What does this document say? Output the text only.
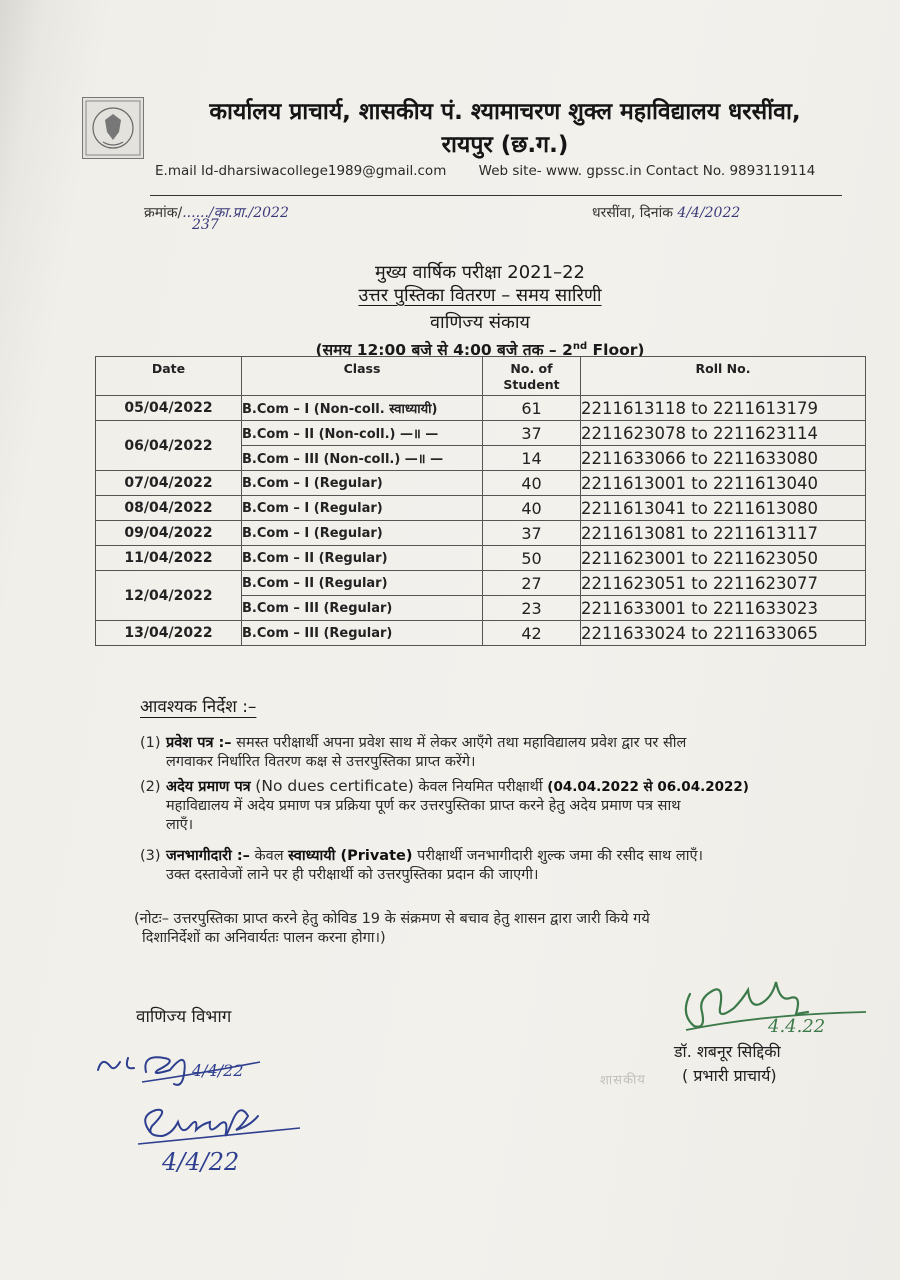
कार्यालय प्राचार्य, शासकीय पं. श्यामाचरण शुक्ल महाविद्यालय धरसींवा,
रायपुर (छ.ग.)
E.mail Id-dharsiwacollege1989@gmail.com Web site- www. gpssc.in Contact No. 9893119114
क्रमांक/....../का.प्रा./2022
237
धरसींवा, दिनांक 4/4/2022
मुख्य वार्षिक परीक्षा 2021–22
उत्तर पुस्तिका वितरण – समय सारिणी
वाणिज्य संकाय
(समय 12:00 बजे से 4:00 बजे तक – 2nd Floor)
Date	Class	No. of Student	Roll No.
05/04/2022	B.Com – I (Non-coll. स्वाध्यायी)	61	2211613118 to 2211613179
06/04/2022	B.Com – II (Non-coll.) —॥ —	37	2211623078 to 2211623114
	B.Com – III (Non-coll.) —॥ —	14	2211633066 to 2211633080
07/04/2022	B.Com – I (Regular)	40	2211613001 to 2211613040
08/04/2022	B.Com – I (Regular)	40	2211613041 to 2211613080
09/04/2022	B.Com – I (Regular)	37	2211613081 to 2211613117
11/04/2022	B.Com – II (Regular)	50	2211623001 to 2211623050
12/04/2022	B.Com – II (Regular)	27	2211623051 to 2211623077
	B.Com – III (Regular)	23	2211633001 to 2211633023
13/04/2022	B.Com – III (Regular)	42	2211633024 to 2211633065
आवश्यक निर्देश :–
(1) प्रवेश पत्र :– समस्त परीक्षार्थी अपना प्रवेश साथ में लेकर आएँगे तथा महाविद्यालय प्रवेश द्वार पर सील
लगवाकर निर्धारित वितरण कक्ष से उत्तरपुस्तिका प्राप्त करेंगे।
(2) अदेय प्रमाण पत्र (No dues certificate) केवल नियमित परीक्षार्थी (04.04.2022 से 06.04.2022)
महाविद्यालय में अदेय प्रमाण पत्र प्रक्रिया पूर्ण कर उत्तरपुस्तिका प्राप्त करने हेतु अदेय प्रमाण पत्र साथ
लाएँ।
(3) जनभागीदारी :– केवल स्वाध्यायी (Private) परीक्षार्थी जनभागीदारी शुल्क जमा की रसीद साथ लाएँ।
उक्त दस्तावेजों लाने पर ही परीक्षार्थी को उत्तरपुस्तिका प्रदान की जाएगी।
(नोटः– उत्तरपुस्तिका प्राप्त करने हेतु कोविड 19 के संक्रमण से बचाव हेतु शासन द्वारा जारी किये गये
दिशानिर्देशों का अनिवार्यतः पालन करना होगा।)
वाणिज्य विभाग
शासकीय
डॉ. शबनूर सिद्दिकी
( प्रभारी प्राचार्य)
4.4.22
4/4/22
4/4/22
